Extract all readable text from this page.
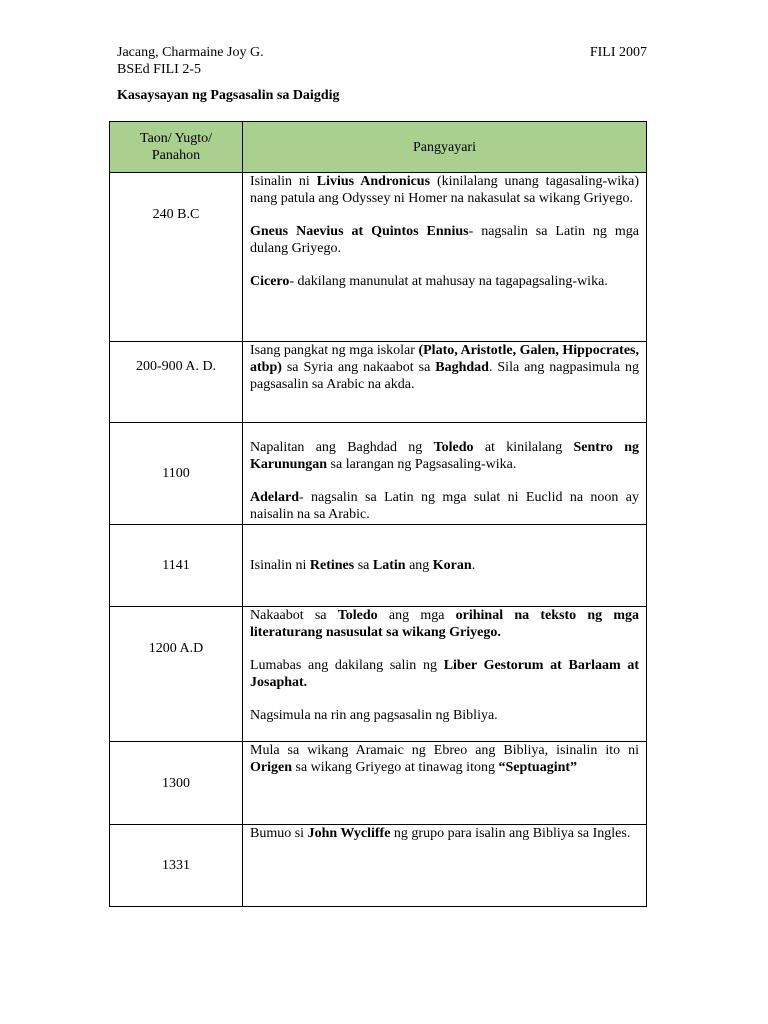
Jacang, Charmaine Joy G.
BSEd FILI 2-5
FILI 2007
Kasaysayan ng Pagsasalin sa Daigdig
Taon/ Yugto/
Panahon	Pangyayari

240 B.C	Isinalin ni Livius Andronicus (kinilalang unang tagasaling-wika) nang patula ang Odyssey ni Homer na nakasulat sa wikang Griyego.

Gneus Naevius at Quintos Ennius- nagsalin sa Latin ng mga dulang Griyego.

Cicero- dakilang manunulat at mahusay na tagapagsaling-wika.

200-900 A. D.	Isang pangkat ng mga iskolar (Plato, Aristotle, Galen, Hippocrates, atbp) sa Syria ang nakaabot sa Baghdad. Sila ang nagpasimula ng pagsasalin sa Arabic na akda.

1100	Napalitan ang Baghdad ng Toledo at kinilalang Sentro ng Karunungan sa larangan ng Pagsasaling-wika.

Adelard- nagsalin sa Latin ng mga sulat ni Euclid na noon ay naisalin na sa Arabic.

1141	Isinalin ni Retines sa Latin ang Koran.

1200 A.D	Nakaabot sa Toledo ang mga orihinal na teksto ng mga literaturang nasusulat sa wikang Griyego.

Lumabas ang dakilang salin ng Liber Gestorum at Barlaam at Josaphat.

Nagsimula na rin ang pagsasalin ng Bibliya.

1300	Mula sa wikang Aramaic ng Ebreo ang Bibliya, isinalin ito ni Origen sa wikang Griyego at tinawag itong “Septuagint”

1331	Bumuo si John Wycliffe ng grupo para isalin ang Bibliya sa Ingles.
